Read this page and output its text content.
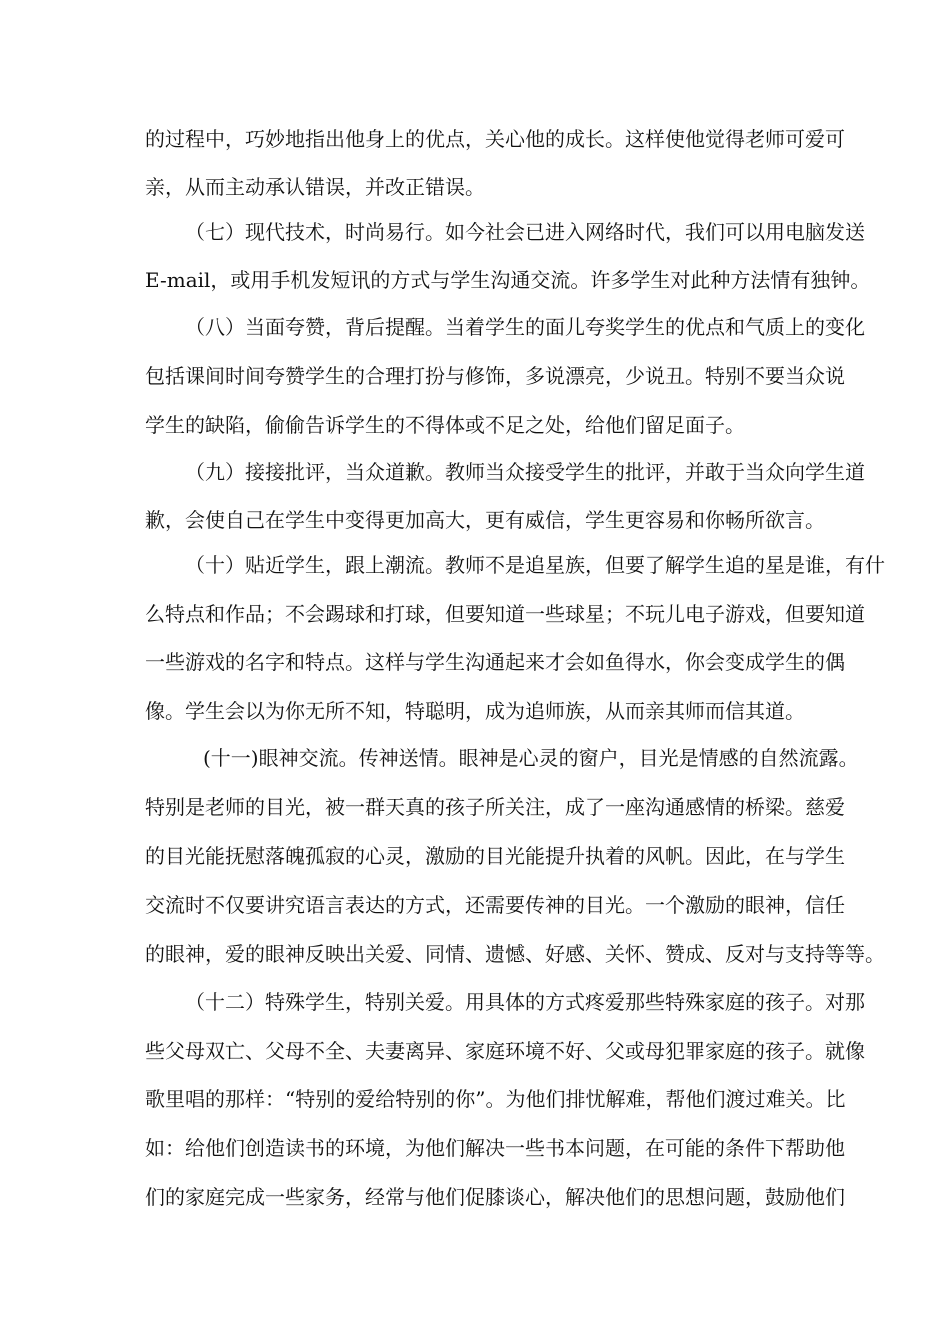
的过程中，巧妙地指出他身上的优点，关心他的成长。这样使他觉得老师可爱可
亲，从而主动承认错误，并改正错误。
（七）现代技术，时尚易行。如今社会已进入网络时代，我们可以用电脑发送
E-mail，或用手机发短讯的方式与学生沟通交流。许多学生对此种方法情有独钟。
（八）当面夸赞，背后提醒。当着学生的面儿夸奖学生的优点和气质上的变化
包括课间时间夸赞学生的合理打扮与修饰，多说漂亮，少说丑。特别不要当众说
学生的缺陷，偷偷告诉学生的不得体或不足之处，给他们留足面子。
（九）接接批评，当众道歉。教师当众接受学生的批评，并敢于当众向学生道
歉，会使自己在学生中变得更加高大，更有威信，学生更容易和你畅所欲言。
（十）贴近学生，跟上潮流。教师不是追星族，但要了解学生追的星是谁，有什
么特点和作品；不会踢球和打球，但要知道一些球星；不玩儿电子游戏，但要知道
一些游戏的名字和特点。这样与学生沟通起来才会如鱼得水，你会变成学生的偶
像。学生会以为你无所不知，特聪明，成为追师族，从而亲其师而信其道。
(十一)眼神交流。传神送情。眼神是心灵的窗户，目光是情感的自然流露。
特别是老师的目光，被一群天真的孩子所关注，成了一座沟通感情的桥梁。慈爱
的目光能抚慰落魄孤寂的心灵，激励的目光能提升执着的风帆。因此，在与学生
交流时不仅要讲究语言表达的方式，还需要传神的目光。一个激励的眼神，信任
的眼神，爱的眼神反映出关爱、同情、遗憾、好感、关怀、赞成、反对与支持等等。
（十二）特殊学生，特别关爱。用具体的方式疼爱那些特殊家庭的孩子。对那
些父母双亡、父母不全、夫妻离异、家庭环境不好、父或母犯罪家庭的孩子。就像
歌里唱的那样：“特别的爱给特别的你”。为他们排忧解难，帮他们渡过难关。比
如：给他们创造读书的环境，为他们解决一些书本问题，在可能的条件下帮助他
们的家庭完成一些家务，经常与他们促膝谈心，解决他们的思想问题，鼓励他们
